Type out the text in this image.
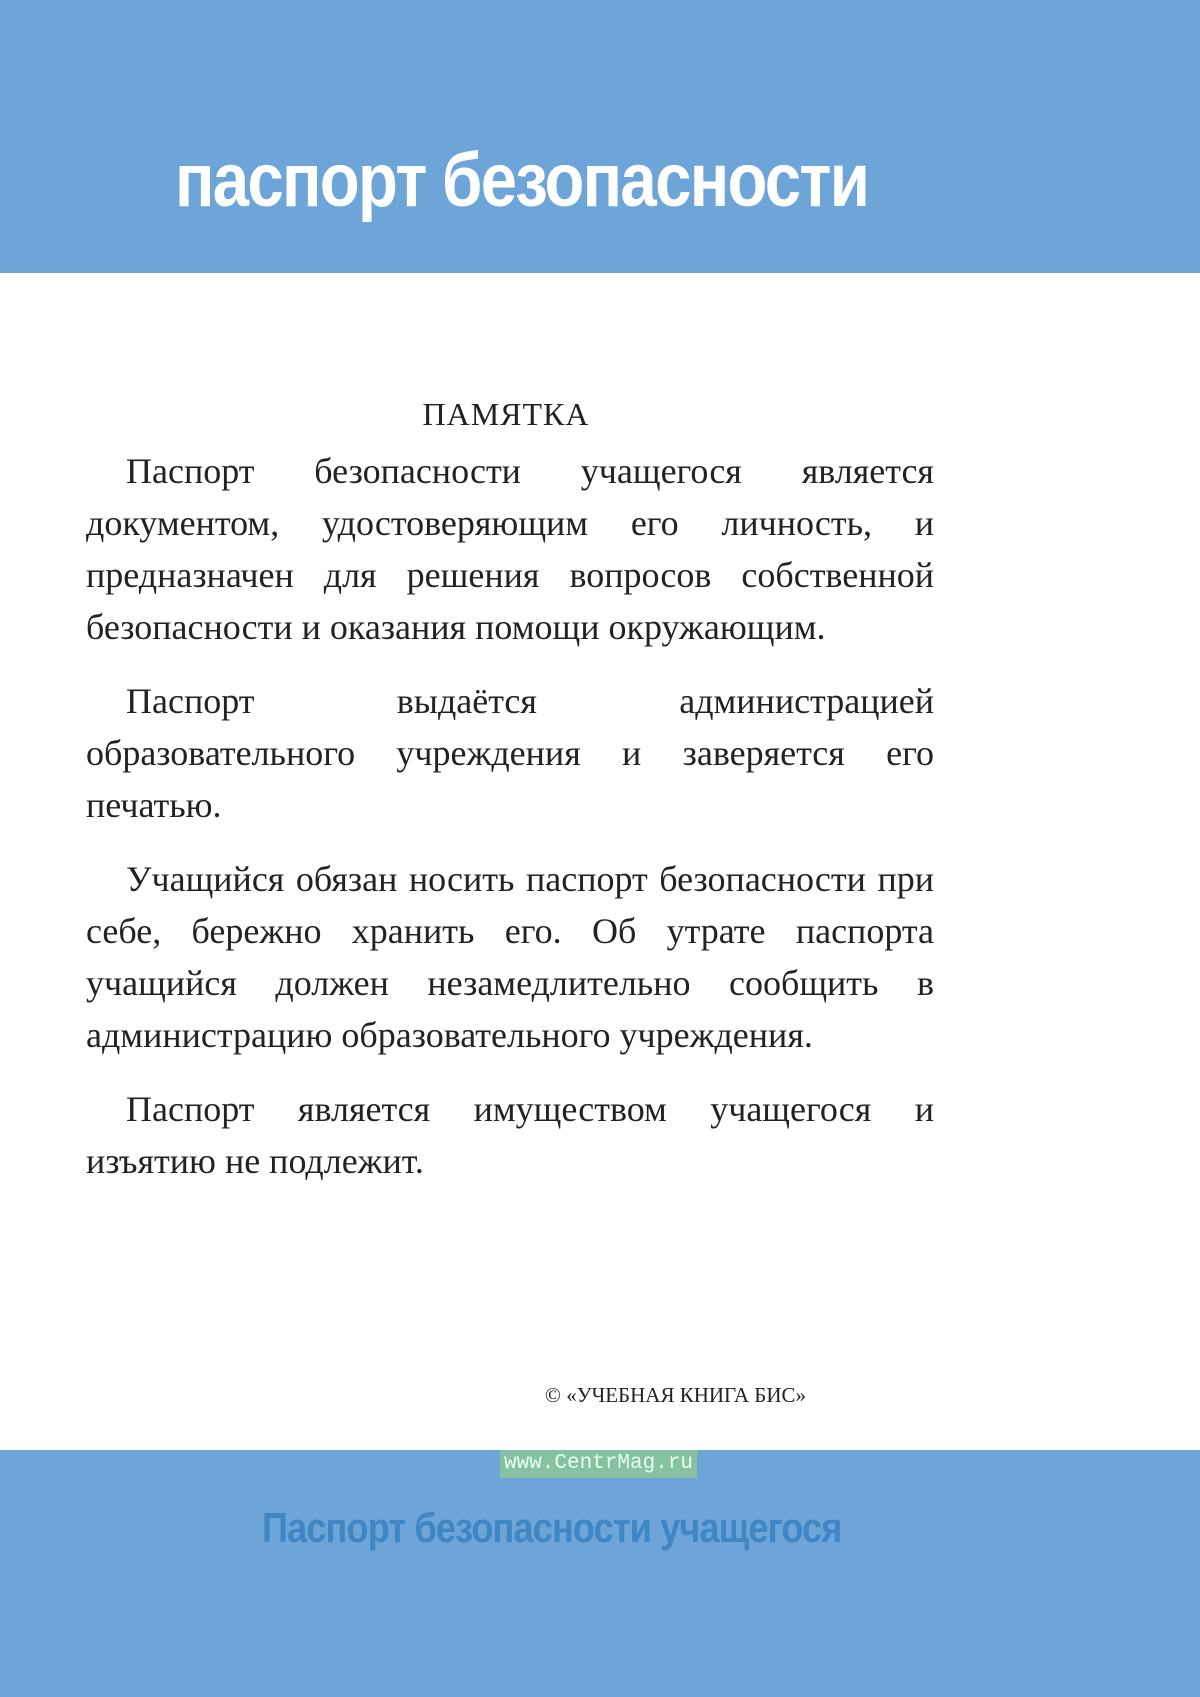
паспорт безопасности
ПАМЯТКА

Паспорт безопасности учащегося является документом, удостоверяющим его личность, и предназначен для решения вопросов собственной безопасности и оказания помощи окружающим.

Паспорт выдаётся администрацией образовательного учреждения и заверяется его печатью.

Учащийся обязан носить паспорт безопасности при себе, бережно хранить его. Об утрате паспорта учащийся должен незамедлительно сообщить в администрацию образовательного учреждения.

Паспорт является имуществом учащегося и изъятию не подлежит.

© «УЧЕБНАЯ КНИГА БИС»
www.CentrMag.ru
Паспорт безопасности учащегося
